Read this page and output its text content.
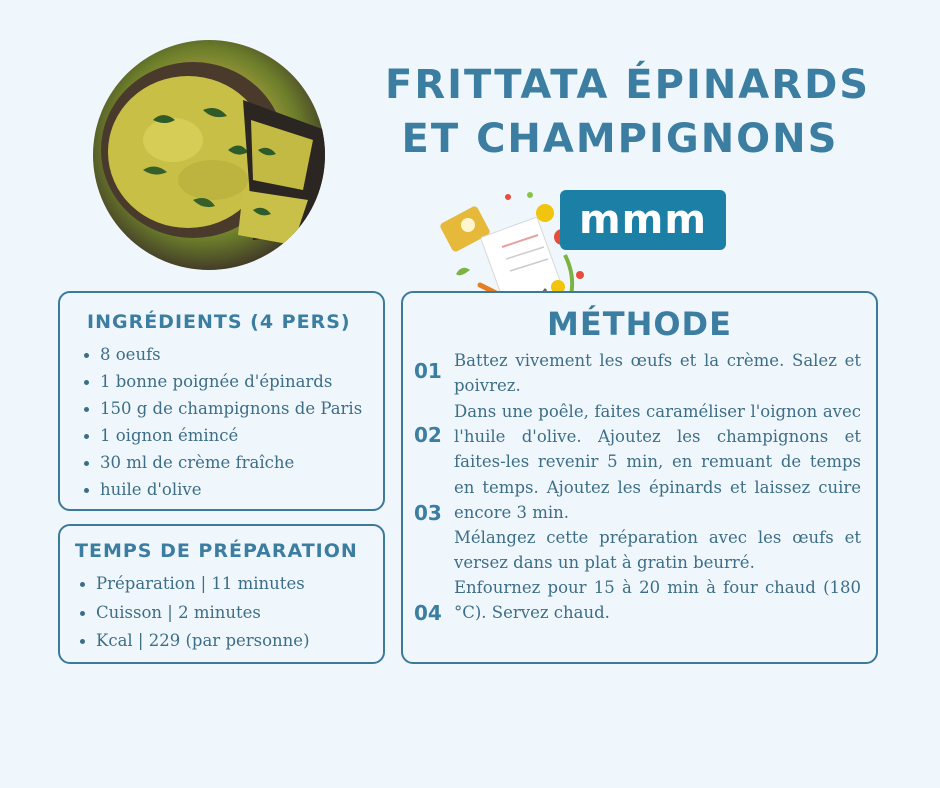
FRITTATA ÉPINARDS
ET CHAMPIGNONS
mmm
INGRÉDIENTS (4 PERS)
8 oeufs
1 bonne poignée d'épinards
150 g de champignons de Paris
1 oignon émincé
30 ml de crème fraîche
huile d'olive
TEMPS DE PRÉPARATION
Préparation | 11 minutes
Cuisson | 2 minutes
Kcal | 229 (par personne)
MÉTHODE
01
02
03
04
Battez vivement les œufs et la crème. Salez et poivrez.
Dans une poêle, faites caraméliser l'oignon avec l'huile d'olive. Ajoutez les champignons et faites-les revenir 5 min, en remuant de temps en temps. Ajoutez les épinards et laissez cuire encore 3 min.
Mélangez cette préparation avec les œufs et versez dans un plat à gratin beurré.
Enfournez pour 15 à 20 min à four chaud (180 °C). Servez chaud.
